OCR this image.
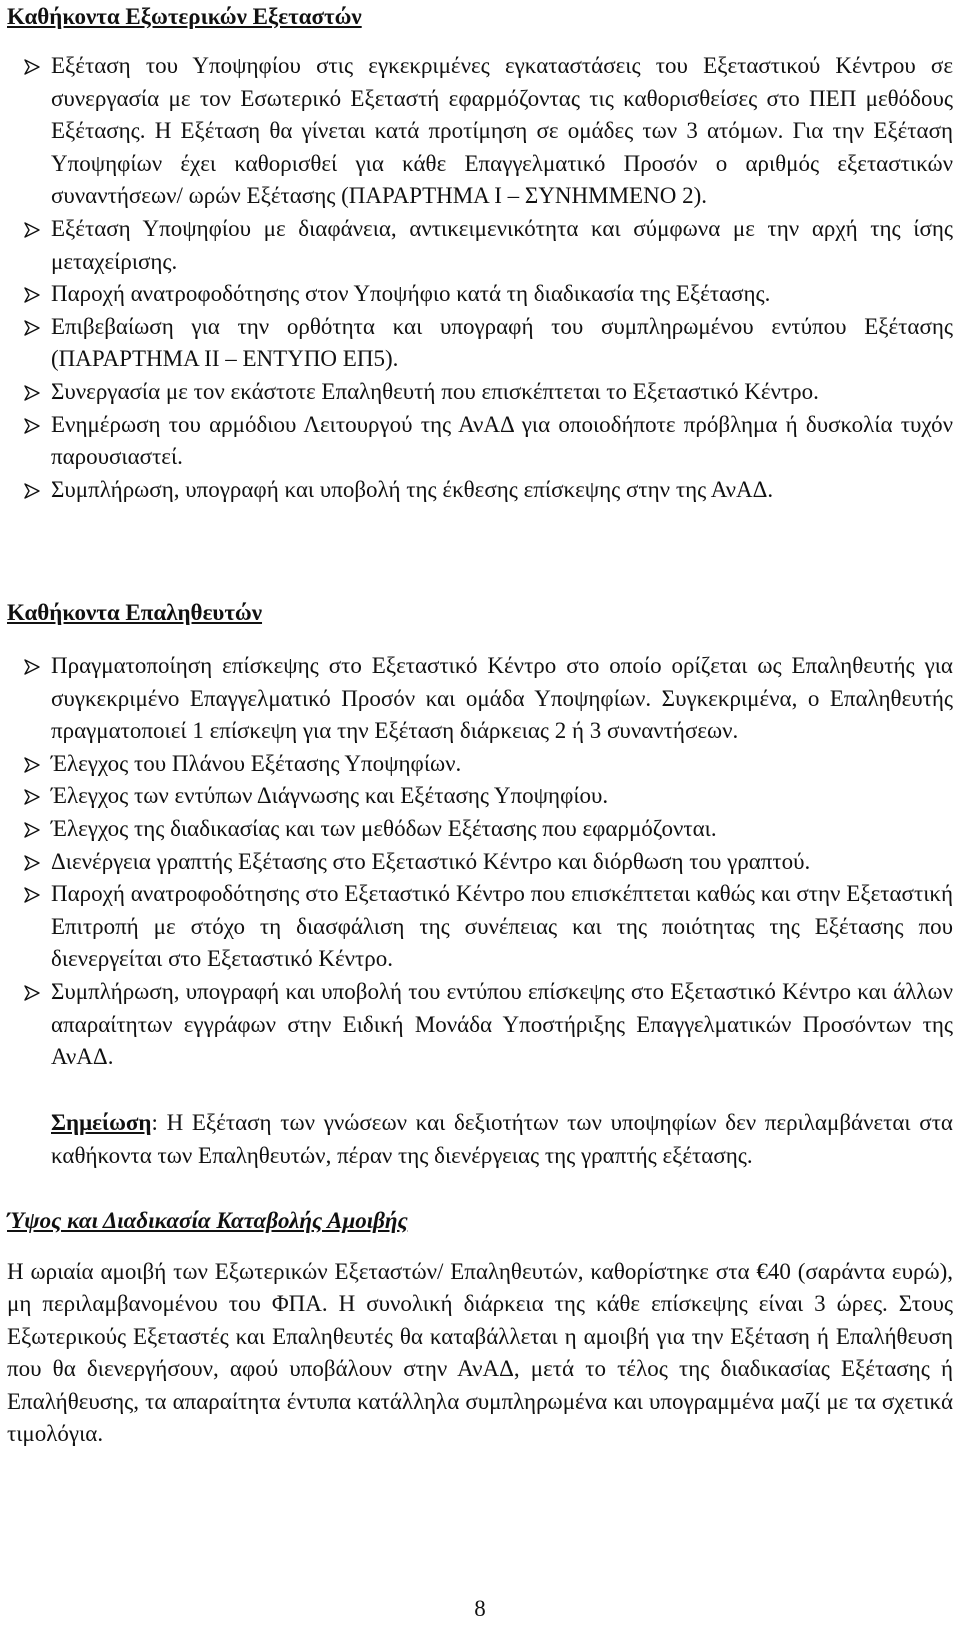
Καθήκοντα Εξωτερικών Εξεταστών
Εξέταση του Υποψηφίου στις εγκεκριμένες εγκαταστάσεις του Εξεταστικού Κέντρου σε συνεργασία με τον Εσωτερικό Εξεταστή εφαρμόζοντας τις καθορισθείσες στο ΠΕΠ μεθόδους Εξέτασης. Η Εξέταση θα γίνεται κατά προτίμηση σε ομάδες των 3 ατόμων. Για την Εξέταση Υποψηφίων έχει καθορισθεί για κάθε Επαγγελματικό Προσόν ο αριθμός εξεταστικών συναντήσεων/ ωρών Εξέτασης (ΠΑΡΑΡΤΗΜΑ Ι – ΣΥΝΗΜΜΕΝΟ 2).
Εξέταση Υποψηφίου με διαφάνεια, αντικειμενικότητα και σύμφωνα με την αρχή της ίσης μεταχείρισης.
Παροχή ανατροφοδότησης στον Υποψήφιο κατά τη διαδικασία της Εξέτασης.
Επιβεβαίωση για την ορθότητα και υπογραφή του συμπληρωμένου εντύπου Εξέτασης (ΠΑΡΑΡΤΗΜΑ ΙΙ – ΕΝΤΥΠΟ ΕΠ5).
Συνεργασία με τον εκάστοτε Επαληθευτή που επισκέπτεται το Εξεταστικό Κέντρο.
Ενημέρωση του αρμόδιου Λειτουργού της ΑνΑΔ για οποιοδήποτε πρόβλημα ή δυσκολία τυχόν παρουσιαστεί.
Συμπλήρωση, υπογραφή και υποβολή της έκθεσης επίσκεψης στην της ΑνΑΔ.
Καθήκοντα Επαληθευτών
Πραγματοποίηση επίσκεψης στο Εξεταστικό Κέντρο στο οποίο ορίζεται ως Επαληθευτής για συγκεκριμένο Επαγγελματικό Προσόν και ομάδα Υποψηφίων. Συγκεκριμένα, ο Επαληθευτής πραγματοποιεί 1 επίσκεψη για την Εξέταση διάρκειας 2 ή 3 συναντήσεων.
Έλεγχος του Πλάνου Εξέτασης Υποψηφίων.
Έλεγχος των εντύπων Διάγνωσης και Εξέτασης Υποψηφίου.
Έλεγχος της διαδικασίας και των μεθόδων Εξέτασης που εφαρμόζονται.
Διενέργεια γραπτής Εξέτασης στο Εξεταστικό Κέντρο και διόρθωση του γραπτού.
Παροχή ανατροφοδότησης στο Εξεταστικό Κέντρο που επισκέπτεται καθώς και στην Εξεταστική Επιτροπή με στόχο τη διασφάλιση της συνέπειας και της ποιότητας της Εξέτασης που διενεργείται στο Εξεταστικό Κέντρο.
Συμπλήρωση, υπογραφή και υποβολή του εντύπου επίσκεψης στο Εξεταστικό Κέντρο και άλλων απαραίτητων εγγράφων στην Ειδική Μονάδα Υποστήριξης Επαγγελματικών Προσόντων της ΑνΑΔ.

Σημείωση: Η Εξέταση των γνώσεων και δεξιοτήτων των υποψηφίων δεν περιλαμβάνεται στα καθήκοντα των Επαληθευτών, πέραν της διενέργειας της γραπτής εξέτασης.

Ύψος και Διαδικασία Καταβολής Αμοιβής

Η ωριαία αμοιβή των Εξωτερικών Εξεταστών/ Επαληθευτών, καθορίστηκε στα €40 (σαράντα ευρώ), μη περιλαμβανομένου του ΦΠΑ. Η συνολική διάρκεια της κάθε επίσκεψης είναι 3 ώρες. Στους Εξωτερικούς Εξεταστές και Επαληθευτές θα καταβάλλεται η αμοιβή για την Εξέταση ή Επαλήθευση που θα διενεργήσουν, αφού υποβάλουν στην ΑνΑΔ, μετά το τέλος της διαδικασίας Εξέτασης ή Επαλήθευσης, τα απαραίτητα έντυπα κατάλληλα συμπληρωμένα και υπογραμμένα μαζί με τα σχετικά τιμολόγια.

8
